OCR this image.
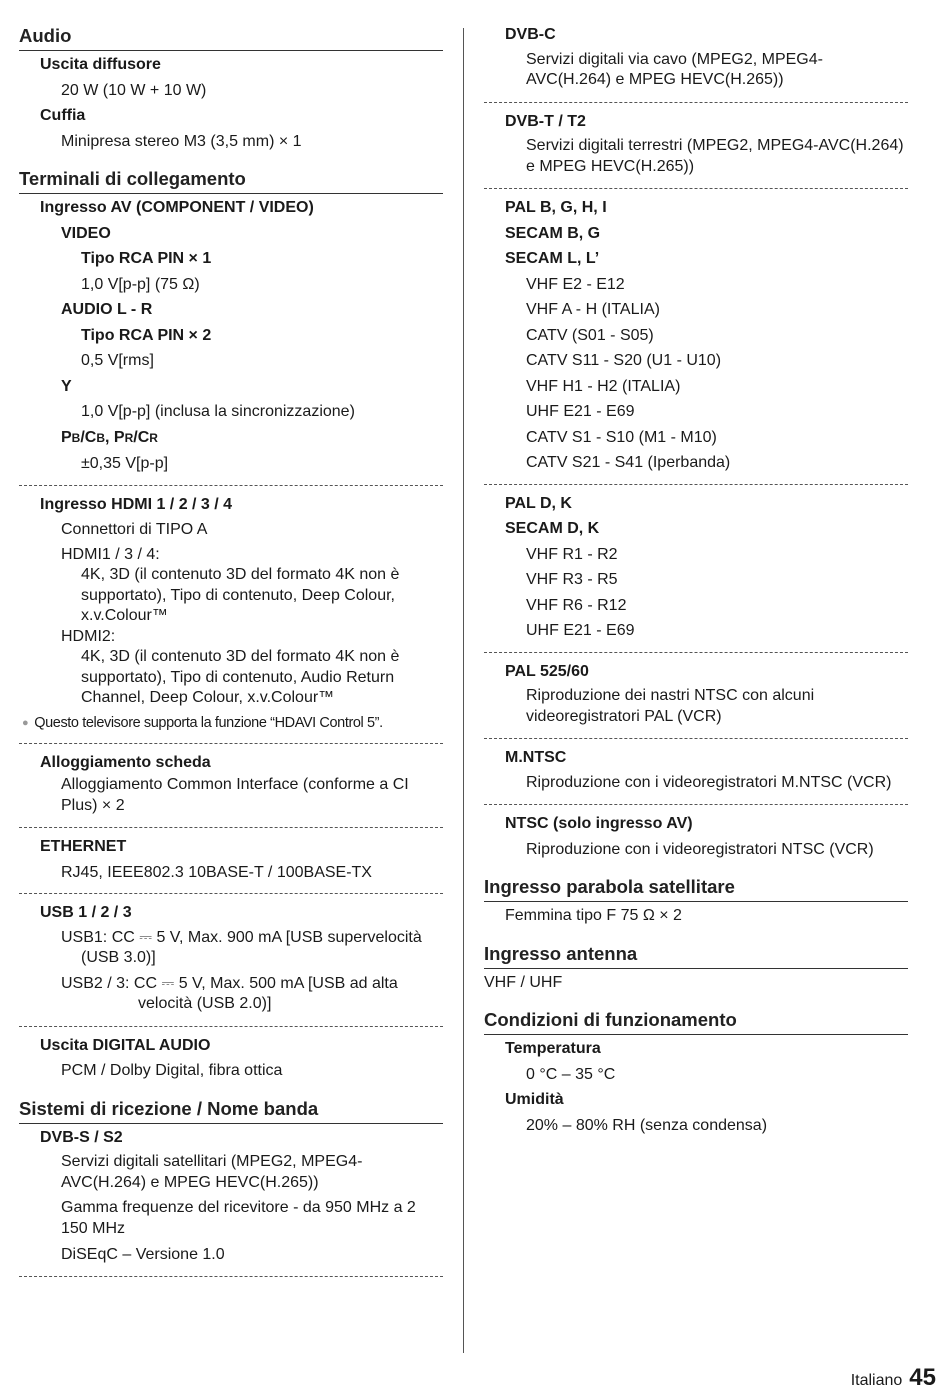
Audio
Uscita diffusore
20 W (10 W + 10 W)
Cuffia
Minipresa stereo M3 (3,5 mm) × 1
Terminali di collegamento
Ingresso AV (COMPONENT / VIDEO)
VIDEO
Tipo RCA PIN × 1
1,0 V[p-p] (75 Ω)
AUDIO L - R
Tipo RCA PIN × 2
0,5 V[rms]
Y
1,0 V[p-p] (inclusa la sincronizzazione)
PB/CB, PR/CR
±0,35 V[p-p]
Ingresso HDMI 1 / 2 / 3 / 4
Connettori di TIPO A
HDMI1 / 3 / 4:
4K, 3D (il contenuto 3D del formato 4K non è supportato), Tipo di contenuto, Deep Colour, x.v.Colour™
HDMI2:
4K, 3D (il contenuto 3D del formato 4K non è supportato), Tipo di contenuto, Audio Return Channel, Deep Colour, x.v.Colour™
● Questo televisore supporta la funzione “HDAVI Control 5”.
Alloggiamento scheda
Alloggiamento Common Interface (conforme a CI Plus) × 2
ETHERNET
RJ45, IEEE802.3 10BASE-T / 100BASE-TX
USB 1 / 2 / 3
USB1: CC ⎓ 5 V, Max. 900 mA [USB supervelocità (USB 3.0)]
USB2 / 3: CC ⎓ 5 V, Max. 500 mA [USB ad alta velocità (USB 2.0)]
Uscita DIGITAL AUDIO
PCM / Dolby Digital, fibra ottica
Sistemi di ricezione / Nome banda
DVB-S / S2
Servizi digitali satellitari (MPEG2, MPEG4-AVC(H.264) e MPEG HEVC(H.265))
Gamma frequenze del ricevitore - da 950 MHz a 2 150 MHz
DiSEqC – Versione 1.0
DVB-C
Servizi digitali via cavo (MPEG2, MPEG4-AVC(H.264) e MPEG HEVC(H.265))
DVB-T / T2
Servizi digitali terrestri (MPEG2, MPEG4-AVC(H.264) e MPEG HEVC(H.265))
PAL B, G, H, I
SECAM B, G
SECAM L, L’
VHF E2 - E12
VHF A - H (ITALIA)
CATV (S01 - S05)
CATV S11 - S20 (U1 - U10)
VHF H1 - H2 (ITALIA)
UHF E21 - E69
CATV S1 - S10 (M1 - M10)
CATV S21 - S41 (Iperbanda)
PAL D, K
SECAM D, K
VHF R1 - R2
VHF R3 - R5
VHF R6 - R12
UHF E21 - E69
PAL 525/60
Riproduzione dei nastri NTSC con alcuni videoregistratori PAL (VCR)
M.NTSC
Riproduzione con i videoregistratori M.NTSC (VCR)
NTSC (solo ingresso AV)
Riproduzione con i videoregistratori NTSC (VCR)
Ingresso parabola satellitare
Femmina tipo F 75 Ω × 2
Ingresso antenna
VHF / UHF
Condizioni di funzionamento
Temperatura
0 °C – 35 °C
Umidità
20% – 80% RH (senza condensa)
Italiano 45
